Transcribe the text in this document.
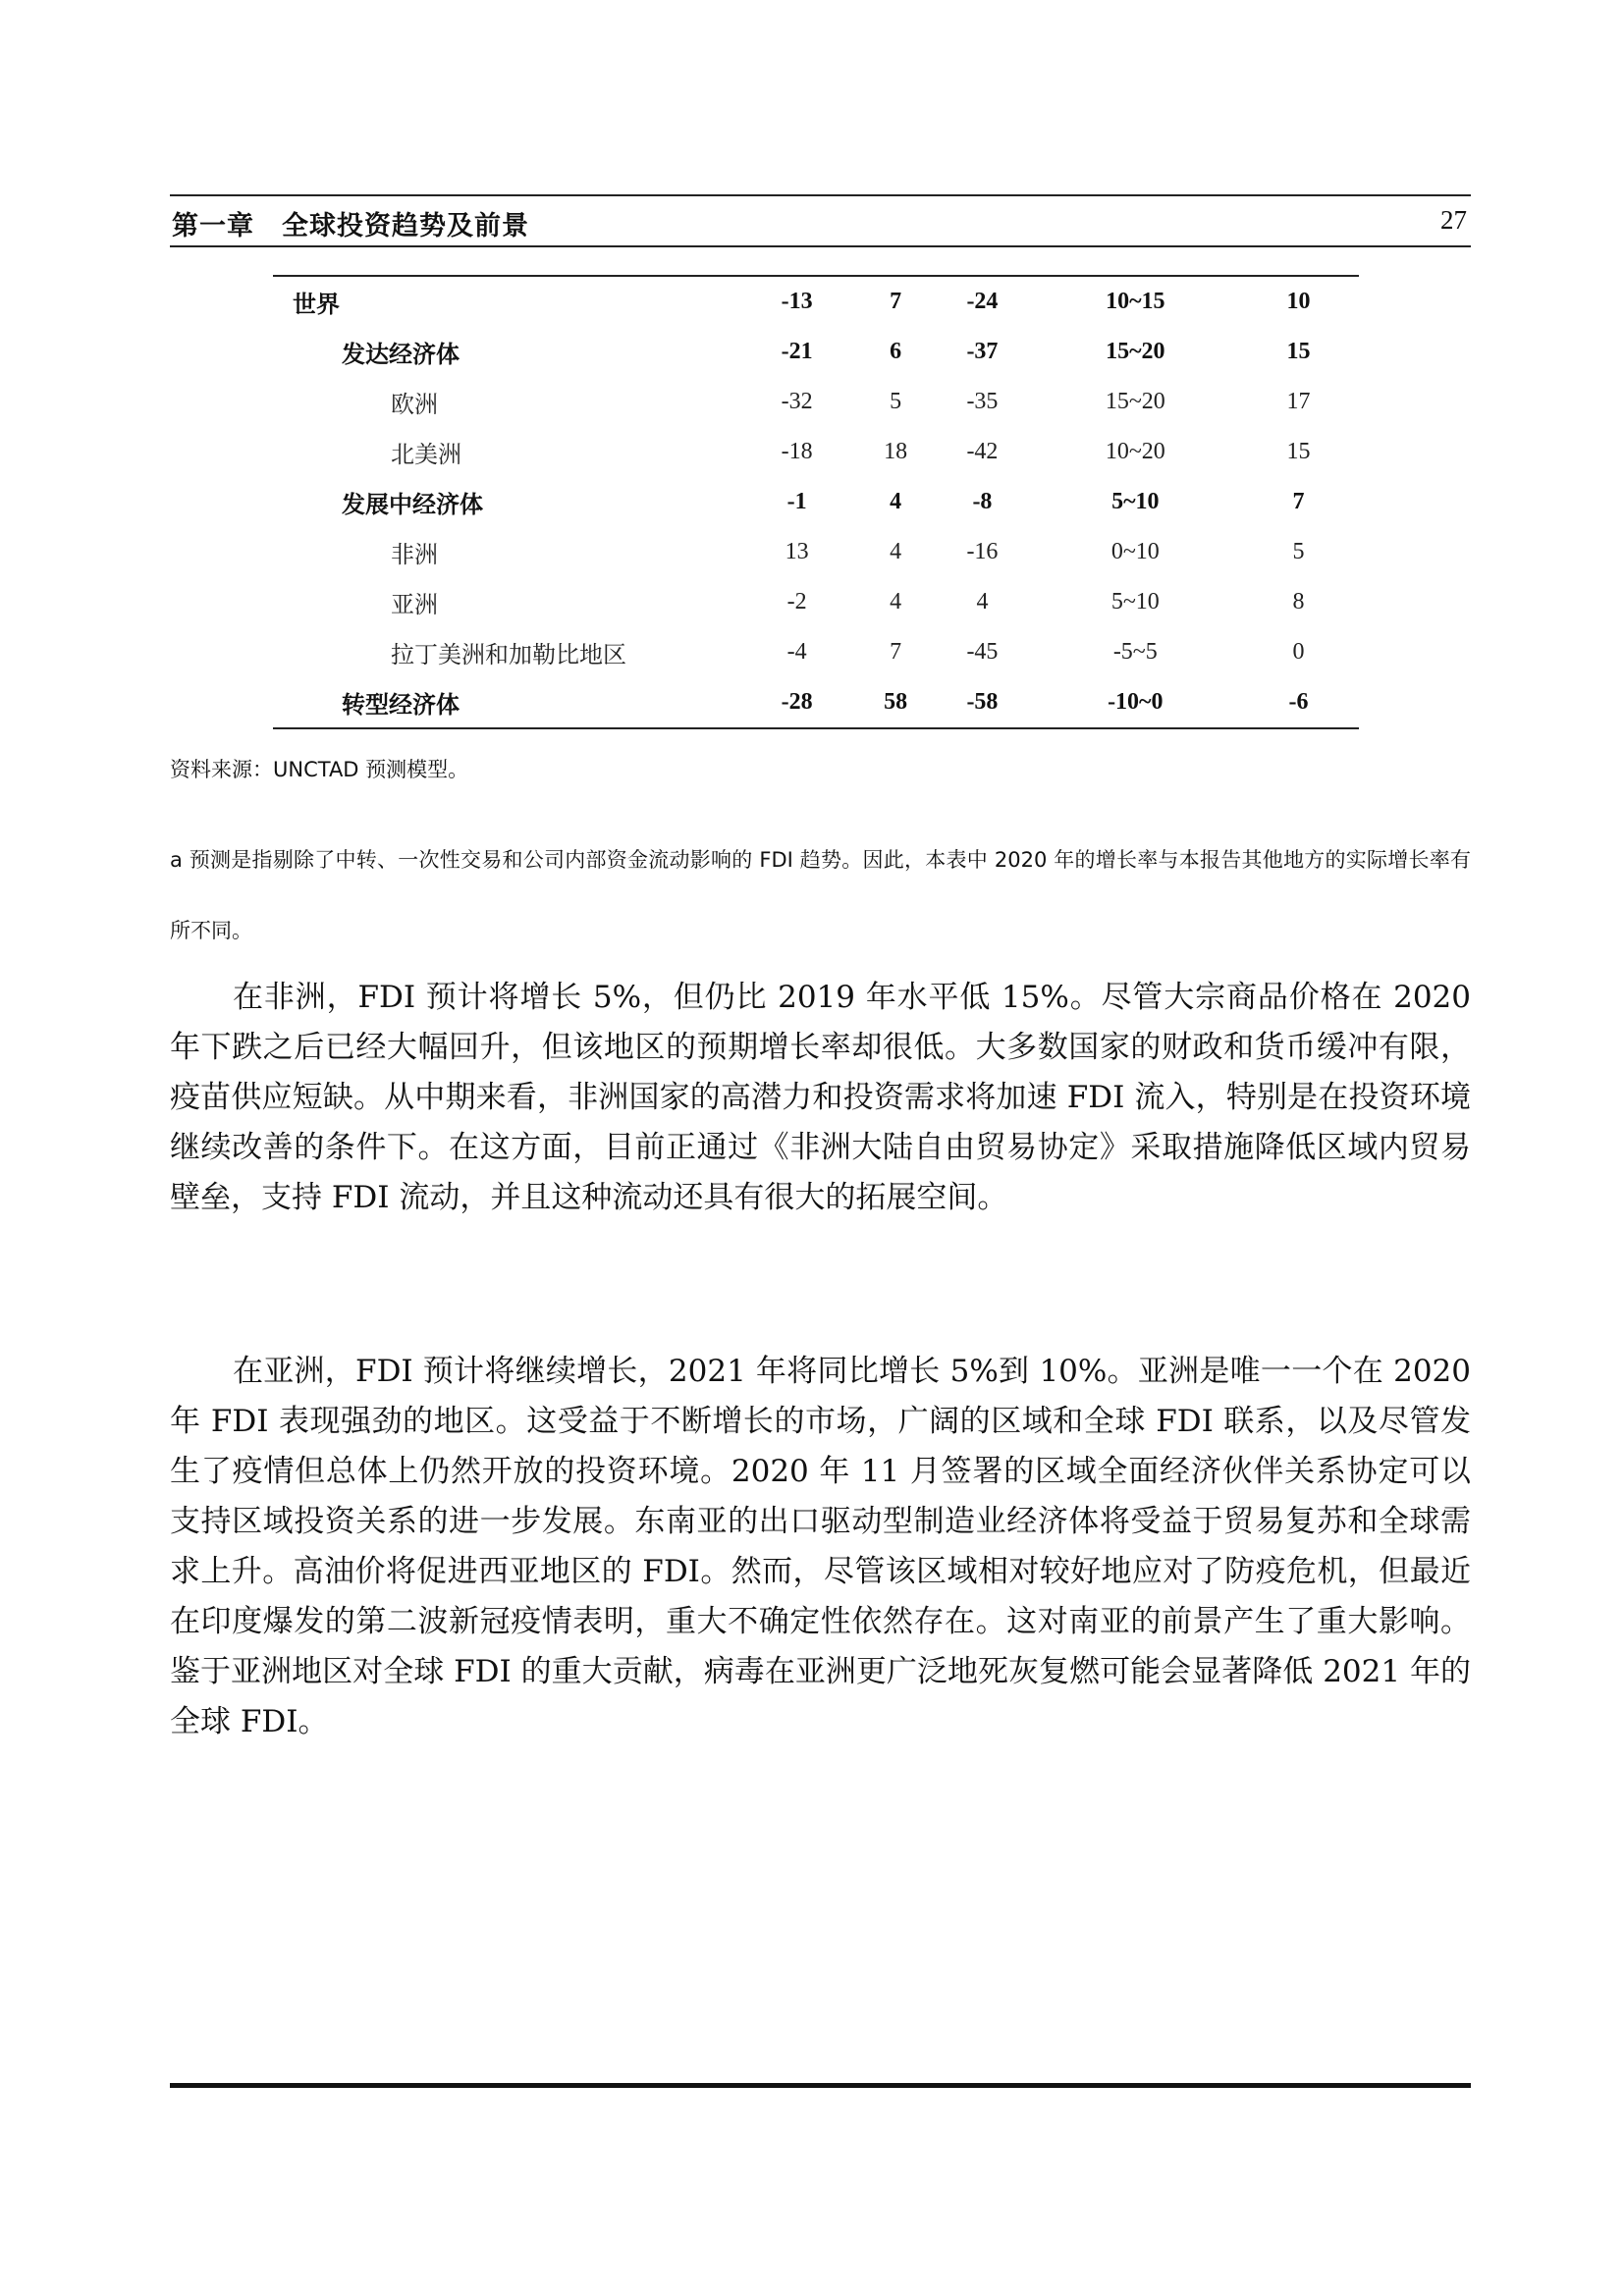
第一章　全球投资趋势及前景	27
世界	-13	7	-24	10~15	10
发达经济体	-21	6	-37	15~20	15
欧洲	-32	5	-35	15~20	17
北美洲	-18	18	-42	10~20	15
发展中经济体	-1	4	-8	5~10	7
非洲	13	4	-16	0~10	5
亚洲	-2	4	4	5~10	8
拉丁美洲和加勒比地区	-4	7	-45	-5~5	0
转型经济体	-28	58	-58	-10~0	-6
资料来源：UNCTAD 预测模型。
a 预测是指剔除了中转、一次性交易和公司内部资金流动影响的 FDI 趋势。因此，本表中 2020 年的增长率与本报告其他地方的实际增长率有所不同。

在非洲，FDI 预计将增长 5%，但仍比 2019 年水平低 15%。尽管大宗商品价格在 2020 年下跌之后已经大幅回升，但该地区的预期增长率却很低。大多数国家的财政和货币缓冲有限，疫苗供应短缺。从中期来看，非洲国家的高潜力和投资需求将加速 FDI 流入，特别是在投资环境继续改善的条件下。在这方面，目前正通过《非洲大陆自由贸易协定》采取措施降低区域内贸易壁垒，支持 FDI 流动，并且这种流动还具有很大的拓展空间。

在亚洲，FDI 预计将继续增长，2021 年将同比增长 5%到 10%。亚洲是唯一一个在 2020 年 FDI 表现强劲的地区。这受益于不断增长的市场，广阔的区域和全球 FDI 联系，以及尽管发生了疫情但总体上仍然开放的投资环境。2020 年 11 月签署的区域全面经济伙伴关系协定可以支持区域投资关系的进一步发展。东南亚的出口驱动型制造业经济体将受益于贸易复苏和全球需求上升。高油价将促进西亚地区的 FDI。然而，尽管该区域相对较好地应对了防疫危机，但最近在印度爆发的第二波新冠疫情表明，重大不确定性依然存在。这对南亚的前景产生了重大影响。鉴于亚洲地区对全球 FDI 的重大贡献，病毒在亚洲更广泛地死灰复燃可能会显著降低 2021 年的全球 FDI。
